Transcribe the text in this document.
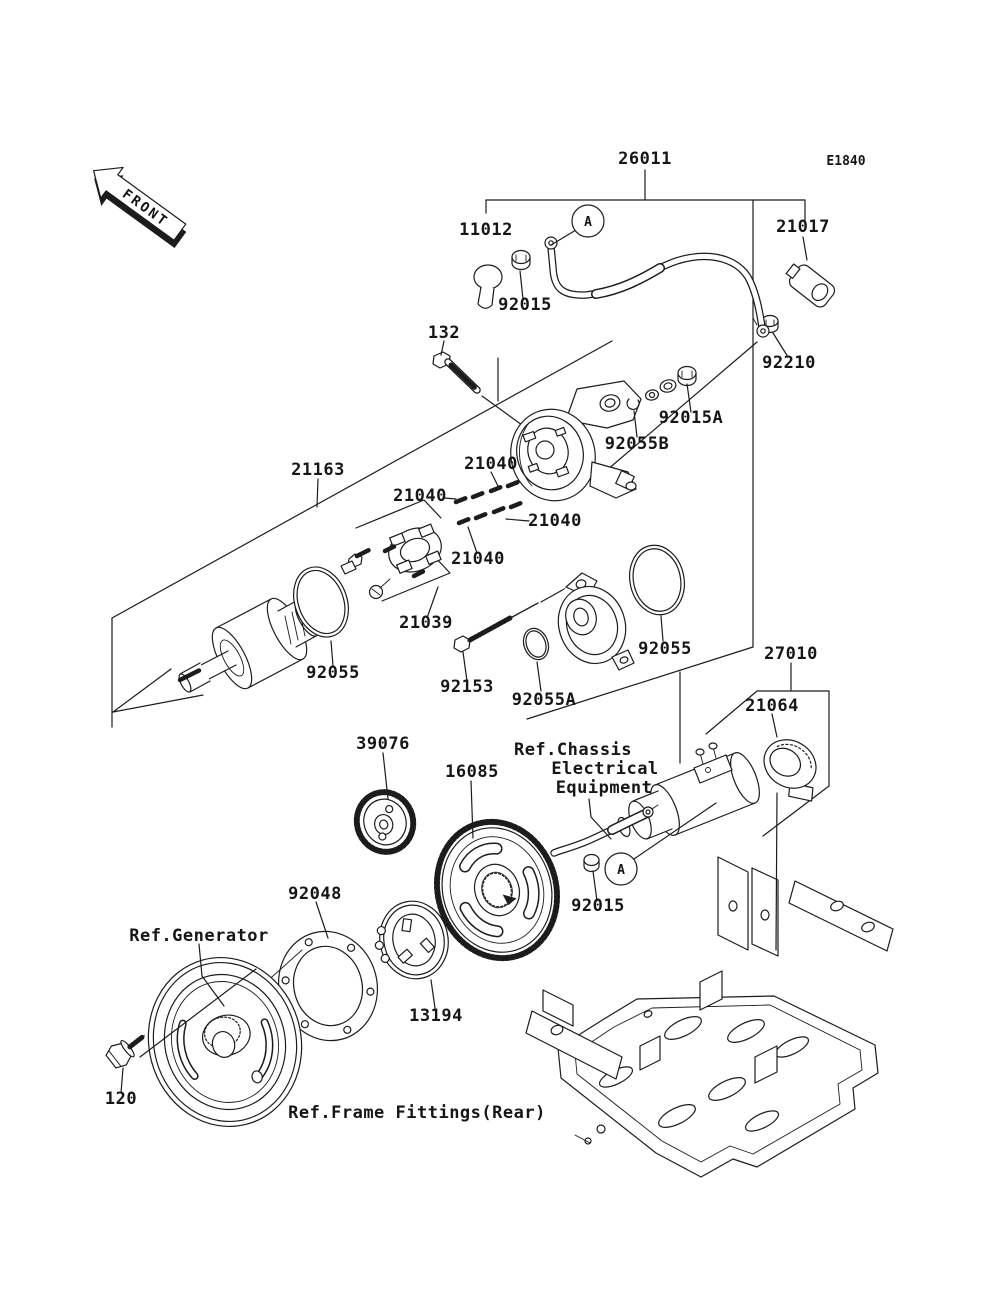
E1840
FRONT
26011
11012	21017
92015
132
92210
92015A
92055B
21163	21040
21040
21040
21040
21039
92055
92153
92055A
92055	27010
21064
39076
16085
Ref.Chassis
Electrical
Equipment
92048
92015
Ref.Generator
13194
120
Ref.Frame Fittings(Rear)
A
A
